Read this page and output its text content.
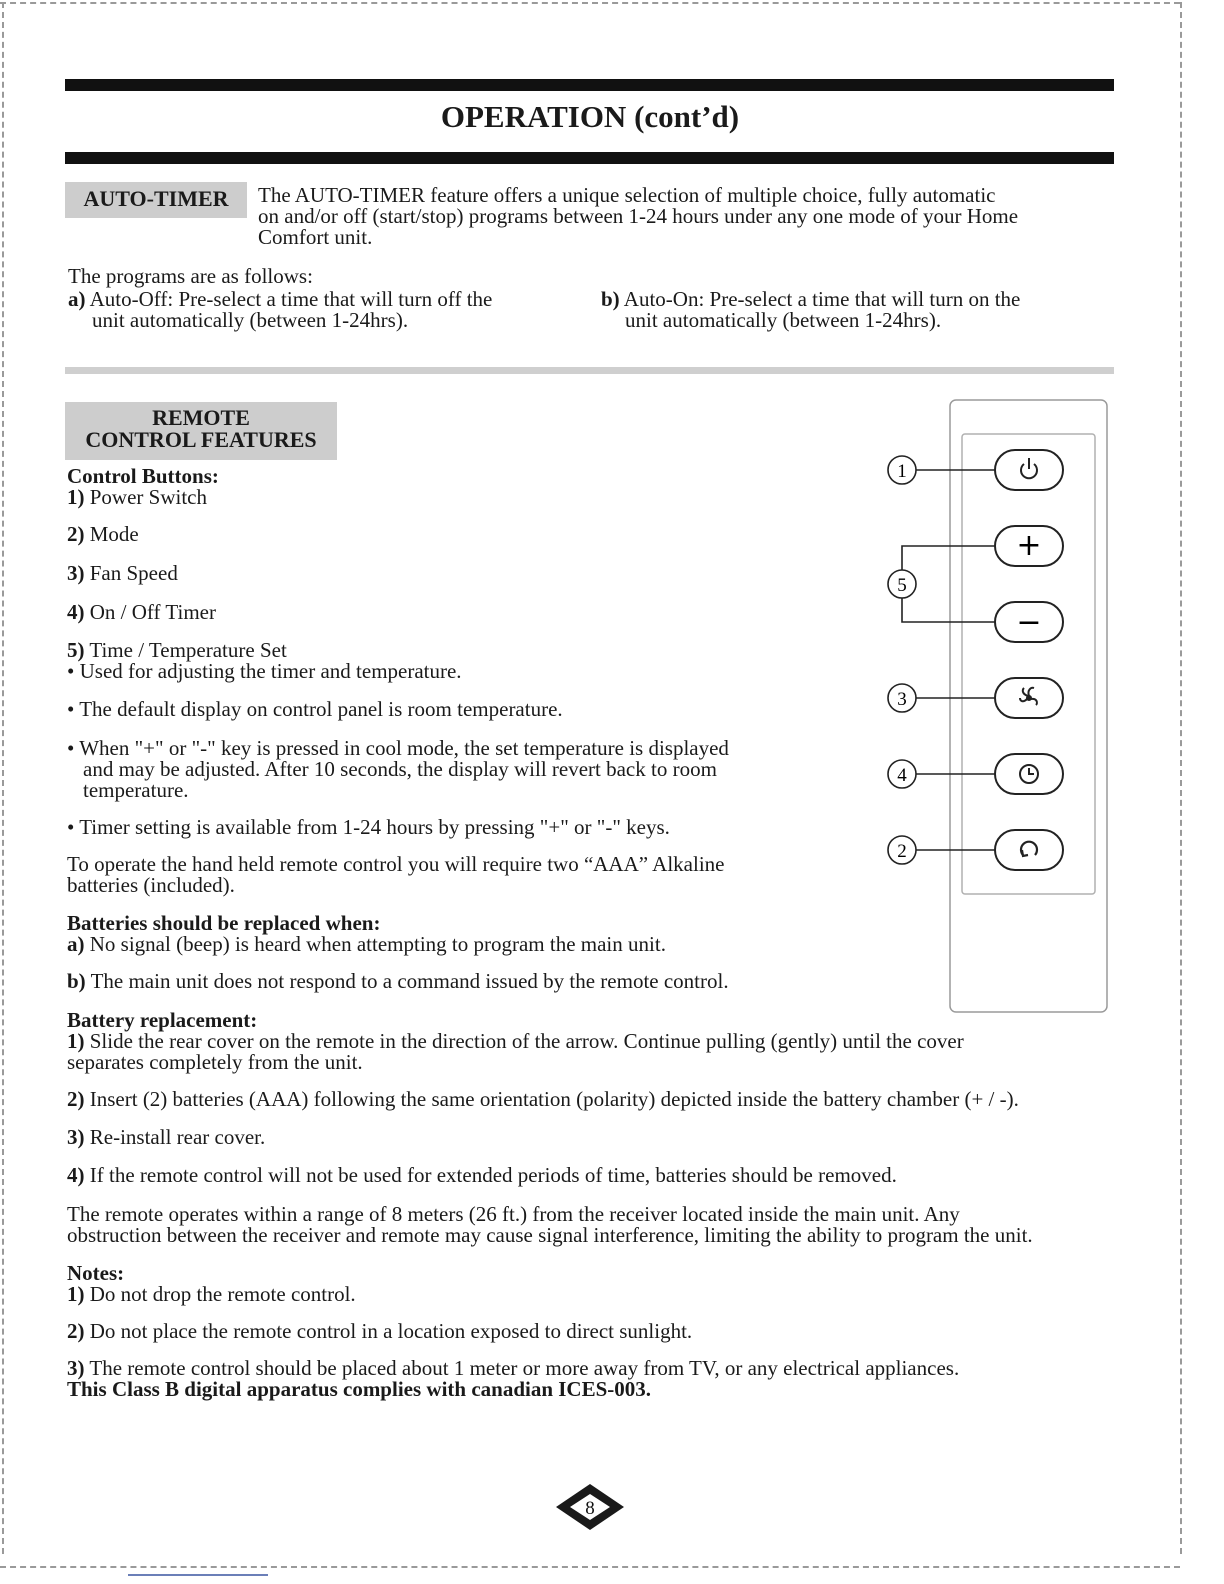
OPERATION (cont’d)
AUTO-TIMER	The AUTO-TIMER feature offers a unique selection of multiple choice, fully automatic
on and/or off (start/stop) programs between 1-24 hours under any one mode of your Home
Comfort unit.
The programs are as follows:
a) Auto-Off: Pre-select a time that will turn off the
unit automatically (between 1-24hrs).
b) Auto-On: Pre-select a time that will turn on the
unit automatically (between 1-24hrs).
REMOTE
CONTROL FEATURES
Control Buttons:
1) Power Switch
2) Mode
3) Fan Speed
4) On / Off Timer
5) Time / Temperature Set
• Used for adjusting the timer and temperature.
• The default display on control panel is room temperature.
• When "+" or "-" key is pressed in cool mode, the set temperature is displayed
and may be adjusted. After 10 seconds, the display will revert back to room
temperature.
• Timer setting is available from 1-24 hours by pressing "+" or "-" keys.
To operate the hand held remote control you will require two “AAA” Alkaline
batteries (included).
Batteries should be replaced when:
a) No signal (beep) is heard when attempting to program the main unit.
b) The main unit does not respond to a command issued by the remote control.
Battery replacement:
1) Slide the rear cover on the remote in the direction of the arrow. Continue pulling (gently) until the cover
separates completely from the unit.
2) Insert (2) batteries (AAA) following the same orientation (polarity) depicted inside the battery chamber (+ / -).
3) Re-install rear cover.
4) If the remote control will not be used for extended periods of time, batteries should be removed.
The remote operates within a range of 8 meters (26 ft.) from the receiver located inside the main unit. Any
obstruction between the receiver and remote may cause signal interference, limiting the ability to program the unit.
Notes:
1) Do not drop the remote control.
2) Do not place the remote control in a location exposed to direct sunlight.
3) The remote control should be placed about 1 meter or more away from TV, or any electrical appliances.
This Class B digital apparatus complies with canadian ICES-003.
1
5
+
−
3
4
2
8
